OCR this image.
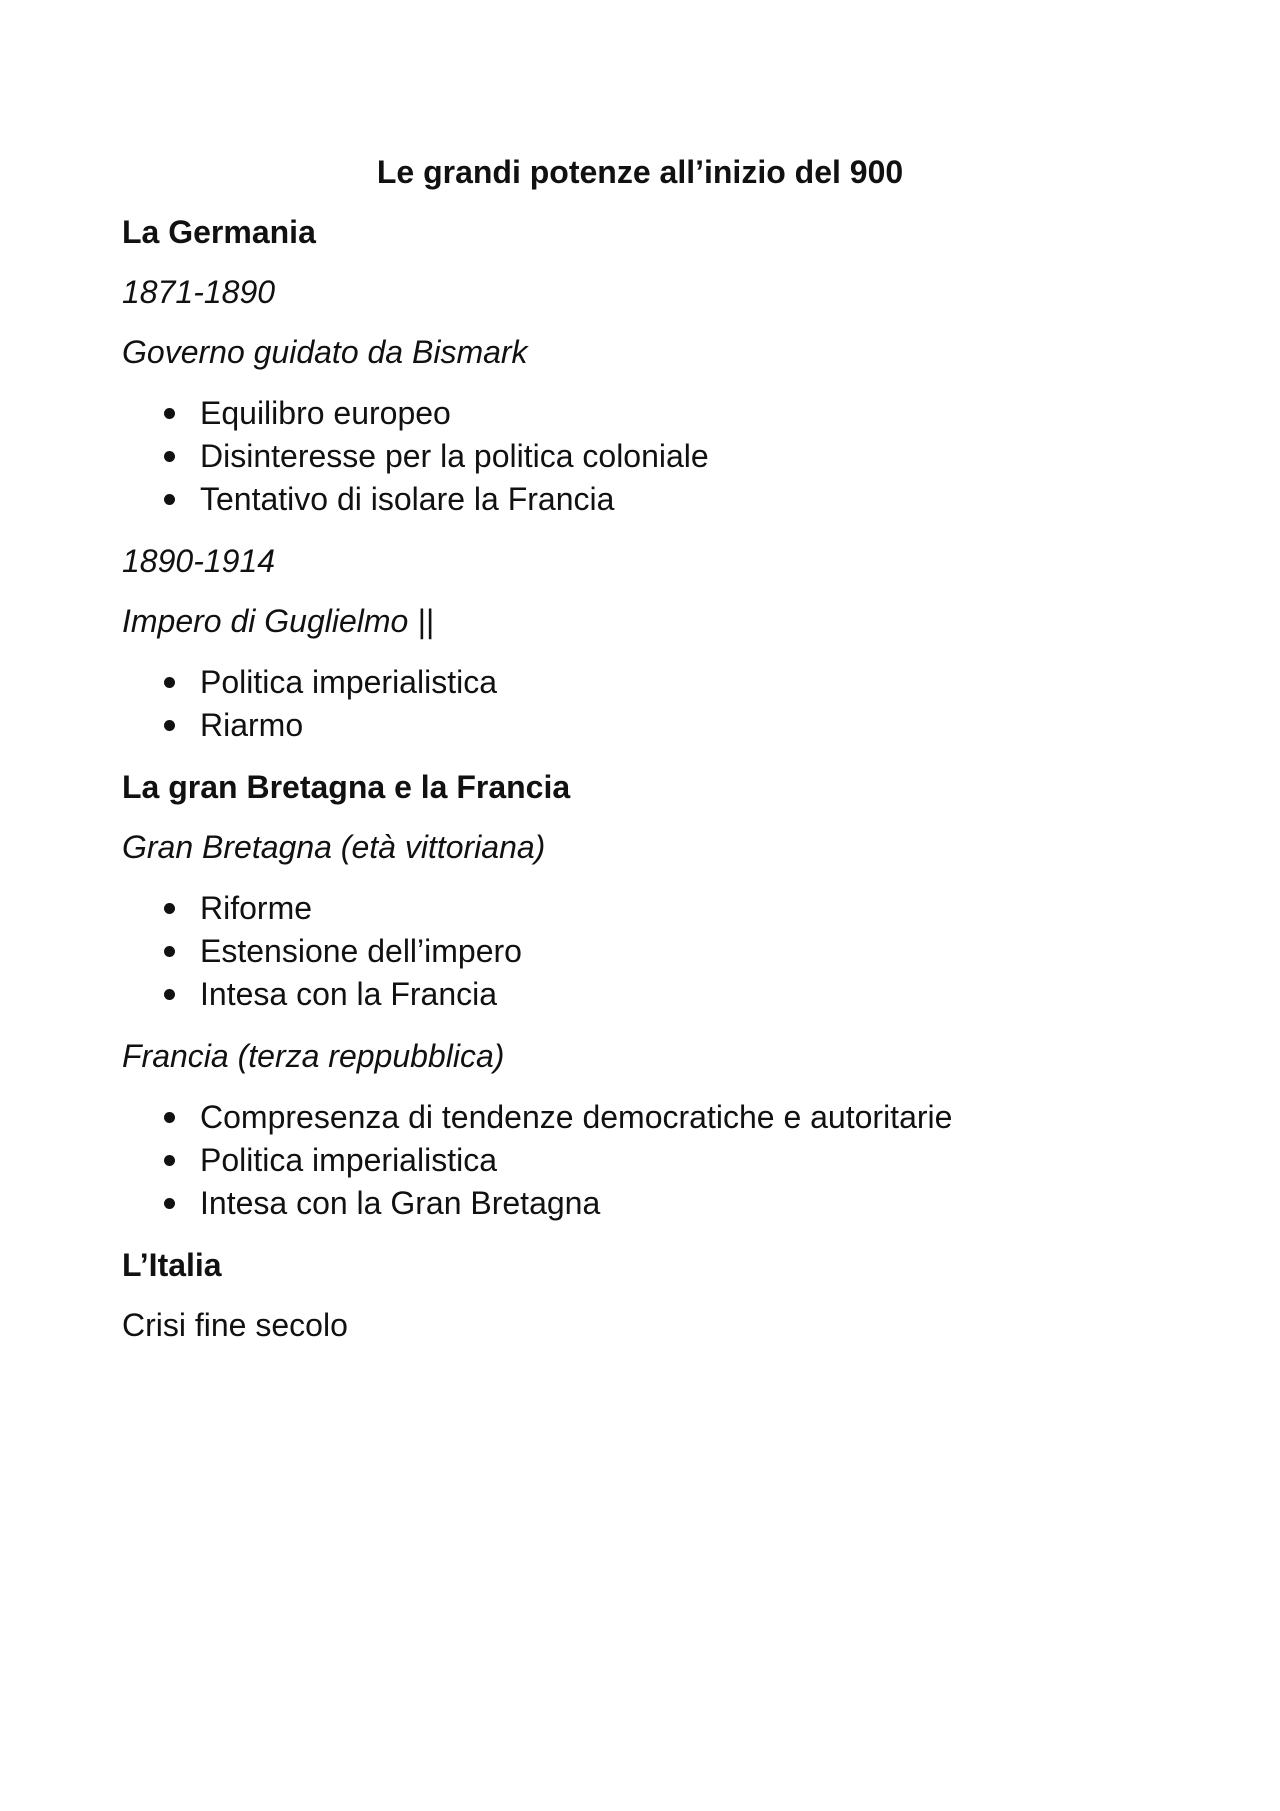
Le grandi potenze all’inizio del 900
La Germania
1871-1890
Governo guidato da Bismark
Equilibro europeo
Disinteresse per la politica coloniale
Tentativo di isolare la Francia
1890-1914
Impero di Guglielmo ||
Politica imperialistica
Riarmo
La gran Bretagna e la Francia
Gran Bretagna (età vittoriana)
Riforme
Estensione dell’impero
Intesa con la Francia
Francia (terza reppubblica)
Compresenza di tendenze democratiche e autoritarie
Politica imperialistica
Intesa con la Gran Bretagna
L’Italia
Crisi fine secolo
